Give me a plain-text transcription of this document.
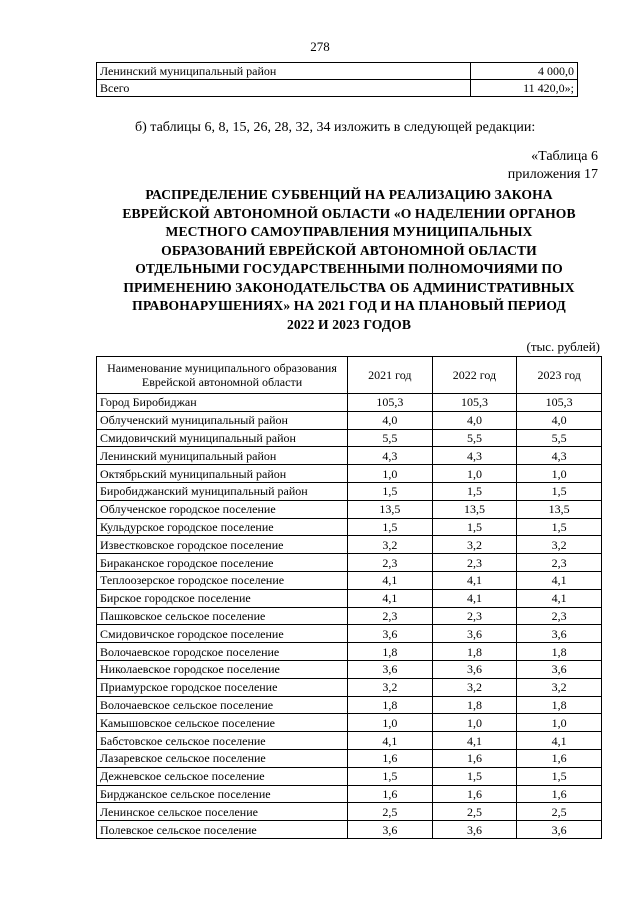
278
Ленинский муниципальный район	4 000,0
Всего	11 420,0»;
б) таблицы 6, 8, 15, 26, 28, 32, 34 изложить в следующей редакции:
«Таблица 6
приложения 17
РАСПРЕДЕЛЕНИЕ СУБВЕНЦИЙ НА РЕАЛИЗАЦИЮ ЗАКОНА
ЕВРЕЙСКОЙ АВТОНОМНОЙ ОБЛАСТИ «О НАДЕЛЕНИИ ОРГАНОВ
МЕСТНОГО САМОУПРАВЛЕНИЯ МУНИЦИПАЛЬНЫХ
ОБРАЗОВАНИЙ ЕВРЕЙСКОЙ АВТОНОМНОЙ ОБЛАСТИ
ОТДЕЛЬНЫМИ ГОСУДАРСТВЕННЫМИ ПОЛНОМОЧИЯМИ ПО
ПРИМЕНЕНИЮ ЗАКОНОДАТЕЛЬСТВА ОБ АДМИНИСТРАТИВНЫХ
ПРАВОНАРУШЕНИЯХ» НА 2021 ГОД И НА ПЛАНОВЫЙ ПЕРИОД
2022 И 2023 ГОДОВ
(тыс. рублей)
Наименование муниципального образования Еврейской автономной области	2021 год	2022 год	2023 год
Город Биробиджан	105,3	105,3	105,3
Облученский муниципальный район	4,0	4,0	4,0
Смидовичский муниципальный район	5,5	5,5	5,5
Ленинский муниципальный район	4,3	4,3	4,3
Октябрьский муниципальный район	1,0	1,0	1,0
Биробиджанский муниципальный район	1,5	1,5	1,5
Облученское городское поселение	13,5	13,5	13,5
Кульдурское городское поселение	1,5	1,5	1,5
Известковское городское поселение	3,2	3,2	3,2
Бираканское городское поселение	2,3	2,3	2,3
Теплоозерское городское поселение	4,1	4,1	4,1
Бирское городское поселение	4,1	4,1	4,1
Пашковское сельское поселение	2,3	2,3	2,3
Смидовичское городское поселение	3,6	3,6	3,6
Волочаевское городское поселение	1,8	1,8	1,8
Николаевское городское поселение	3,6	3,6	3,6
Приамурское городское поселение	3,2	3,2	3,2
Волочаевское сельское поселение	1,8	1,8	1,8
Камышовское сельское поселение	1,0	1,0	1,0
Бабстовское сельское поселение	4,1	4,1	4,1
Лазаревское сельское поселение	1,6	1,6	1,6
Дежневское сельское поселение	1,5	1,5	1,5
Бирджанское сельское поселение	1,6	1,6	1,6
Ленинское сельское поселение	2,5	2,5	2,5
Полевское сельское поселение	3,6	3,6	3,6
